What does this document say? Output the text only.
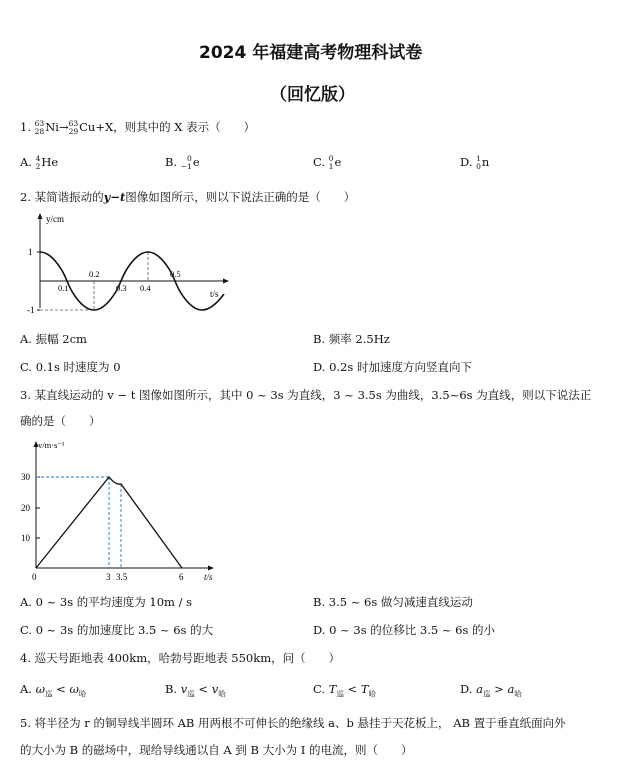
2024 年福建高考物理科试卷
（回忆版）
1. 63
28 Ni→ 63
29 Cu+X，则其中的 X 表示（　　）
A. 4
2 He	B.	0
−1 e	C. 0
1 e	D. 1
0 n
2. 某简谐振动的y−t图像如图所示，则以下说法正确的是（　　）
y/cm
t/s
1
-1
0.1
0.2
0.3 0.4
0.5
A. 振幅 2cm	B. 频率 2.5Hz
C. 0.1s 时速度为 0	D. 0.2s 时加速度方向竖直向下
3. 某直线运动的 v − t 图像如图所示，其中 0 ~ 3s 为直线，3 ~ 3.5s 为曲线，3.5~6s 为直线，则以下说法正
确的是（　　）
v/m·s⁻¹
t/s
30
20
10
0	3 3.5	6
A. 0 ~ 3s 的平均速度为 10m / s	B. 3.5 ~ 6s 做匀减速直线运动
C. 0 ~ 3s 的加速度比 3.5 ~ 6s 的大	D. 0 ~ 3s 的位移比 3.5 ~ 6s 的小
4. 巡天号距地表 400km，哈勃号距地表 550km，问（　　）
A. $\omega_巡 < \omega_哈$	B. $v_巡 < v_哈$	C. $T_巡 < T_哈$	D. $a_巡 > a_哈$
5. 将半径为 r 的铜导线半圆环 AB 用两根不可伸长的绝缘线 a、b 悬挂于天花板上， AB 置于垂直纸面向外
的大小为 B 的磁场中，现给导线通以自 A 到 B 大小为 I 的电流，则（　　）
